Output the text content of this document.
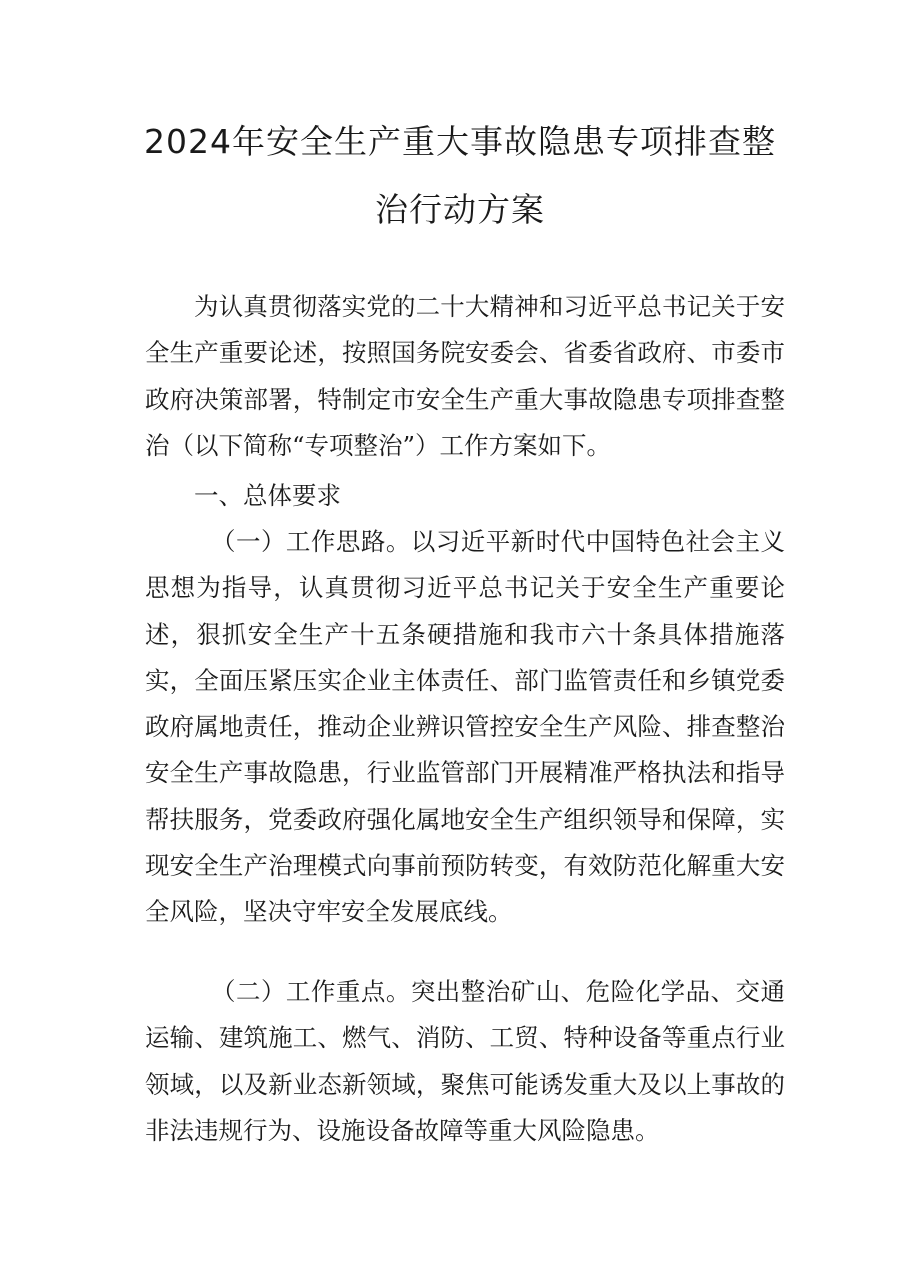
2024年安全生产重大事故隐患专项排查整
治行动方案

为认真贯彻落实党的二十大精神和习近平总书记关于安全生产重要论述，按照国务院安委会、省委省政府、市委市政府决策部署，特制定市安全生产重大事故隐患专项排查整治（以下简称“专项整治”）工作方案如下。

一、总体要求

（一）工作思路。以习近平新时代中国特色社会主义思想为指导，认真贯彻习近平总书记关于安全生产重要论述，狠抓安全生产十五条硬措施和我市六十条具体措施落实，全面压紧压实企业主体责任、部门监管责任和乡镇党委政府属地责任，推动企业辨识管控安全生产风险、排查整治安全生产事故隐患，行业监管部门开展精准严格执法和指导帮扶服务，党委政府强化属地安全生产组织领导和保障，实现安全生产治理模式向事前预防转变，有效防范化解重大安全风险，坚决守牢安全发展底线。

（二）工作重点。突出整治矿山、危险化学品、交通运输、建筑施工、燃气、消防、工贸、特种设备等重点行业领域，以及新业态新领域，聚焦可能诱发重大及以上事故的非法违规行为、设施设备故障等重大风险隐患。
